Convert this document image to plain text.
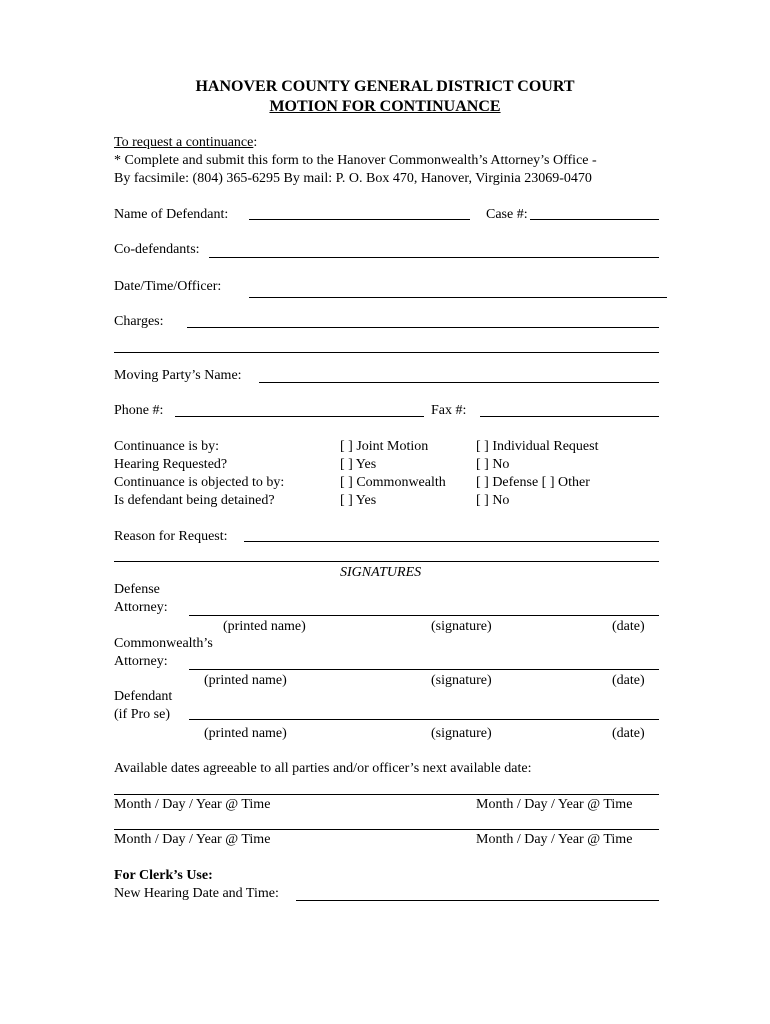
HANOVER COUNTY GENERAL DISTRICT COURT
MOTION FOR CONTINUANCE
To request a continuance:
* Complete and submit this form to the Hanover Commonwealth’s Attorney’s Office -
By facsimile: (804) 365-6295 By mail: P. O. Box 470, Hanover, Virginia 23069-0470
Name of Defendant:	Case #:
Co-defendants:
Date/Time/Officer:
Charges:
Moving Party’s Name:
Phone #:	Fax #:
Continuance is by:	[ ] Joint Motion	[ ] Individual Request
Hearing Requested?	[ ] Yes	[ ] No
Continuance is objected to by:	[ ] Commonwealth [ ] Defense [ ] Other
Is defendant being detained?	[ ] Yes	[ ] No
Reason for Request:
SIGNATURES
Defense
Attorney:
(printed name)	(signature)	(date)
Commonwealth’s
Attorney:
(printed name)	(signature)	(date)
Defendant
(if Pro se)
(printed name)	(signature)	(date)
Available dates agreeable to all parties and/or officer’s next available date:
Month / Day / Year @ Time	Month / Day / Year @ Time
Month / Day / Year @ Time	Month / Day / Year @ Time
For Clerk’s Use:
New Hearing Date and Time:
